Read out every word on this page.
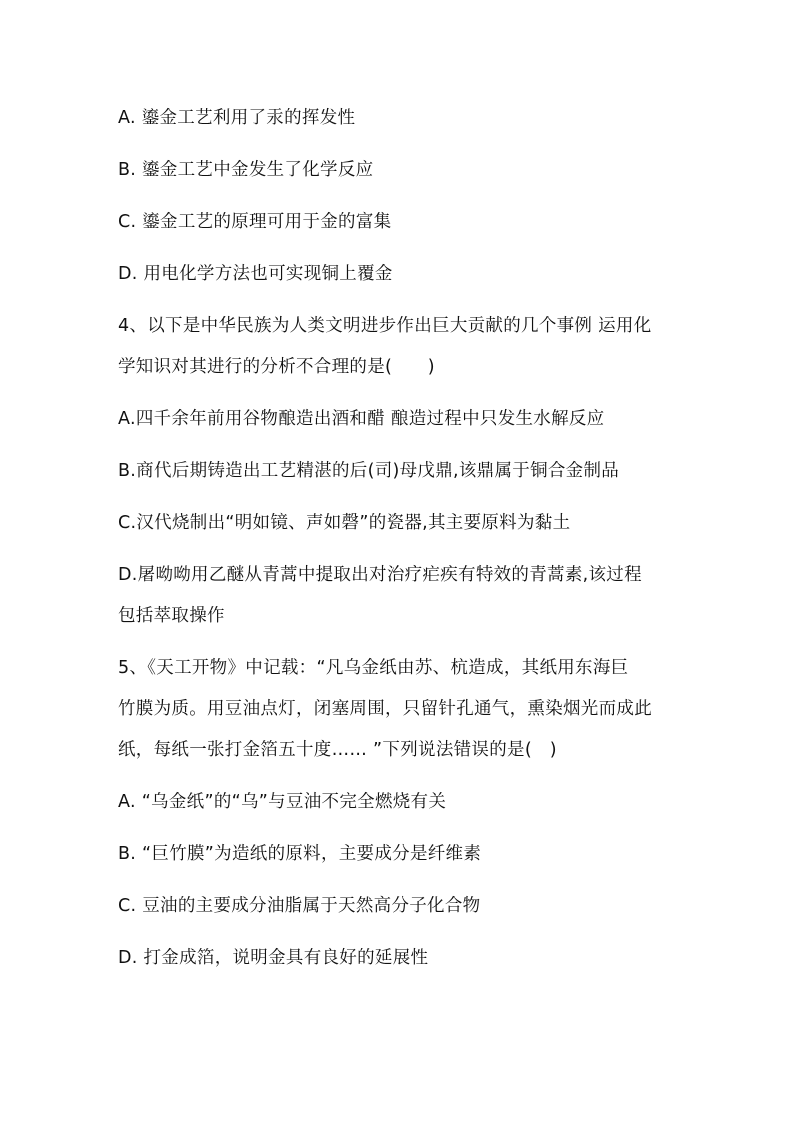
A. 鎏金工艺利用了汞的挥发性
B. 鎏金工艺中金发生了化学反应
C. 鎏金工艺的原理可用于金的富集
D. 用电化学方法也可实现铜上覆金
4、以下是中华民族为人类文明进步作出巨大贡献的几个事例 运用化
学知识对其进行的分析不合理的是(　　)
A.四千余年前用谷物酿造出酒和醋 酿造过程中只发生水解反应
B.商代后期铸造出工艺精湛的后(司)母戊鼎,该鼎属于铜合金制品
C.汉代烧制出“明如镜、声如磬”的瓷器,其主要原料为黏土
D.屠呦呦用乙醚从青蒿中提取出对治疗疟疾有特效的青蒿素,该过程
包括萃取操作
5、《天工开物》中记载：“凡乌金纸由苏、杭造成，其纸用东海巨
竹膜为质。用豆油点灯，闭塞周围，只留针孔通气，熏染烟光而成此
纸，每纸一张打金箔五十度…… ”下列说法错误的是(　)
A. “乌金纸”的“乌”与豆油不完全燃烧有关
B. “巨竹膜”为造纸的原料，主要成分是纤维素
C. 豆油的主要成分油脂属于天然高分子化合物
D. 打金成箔，说明金具有良好的延展性
